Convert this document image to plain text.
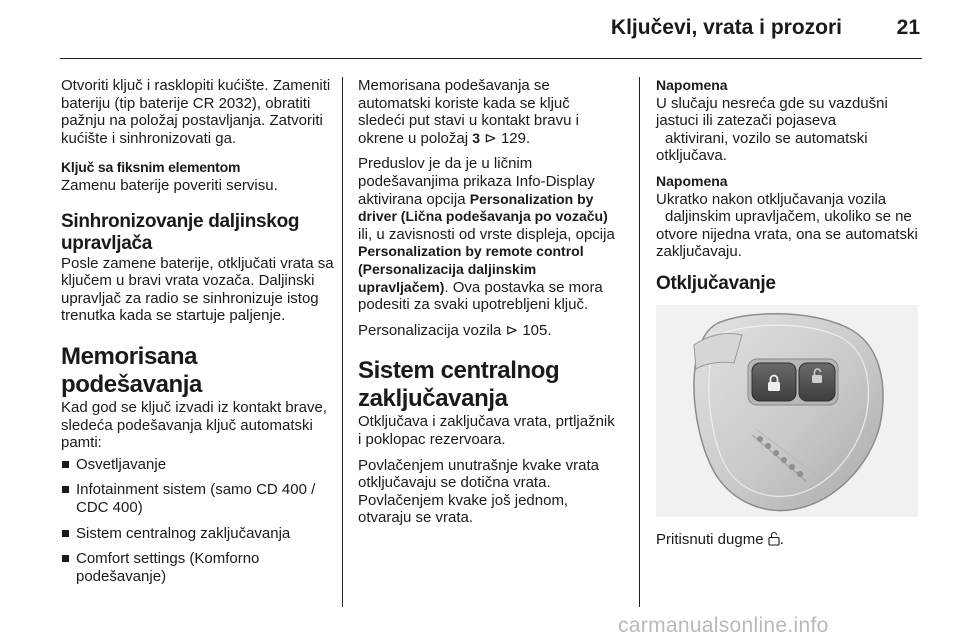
Ključevi, vrata i prozori	21

Otvoriti ključ i rasklopiti kućište. Zameniti bateriju (tip baterije CR 2032), obratiti pažnju na položaj postavljanja. Zatvoriti kućište i sinhronizovati ga.

Ključ sa fiksnim elementom

Zamenu baterije poveriti servisu.

Sinhronizovanje daljinskog upravljača

Posle zamene baterije, otključati vrata sa ključem u bravi vrata vozača. Daljinski upravljač za radio se sinhronizuje istog trenutka kada se startuje paljenje.

Memorisana podešavanja

Kad god se ključ izvadi iz kontakt brave, sledeća podešavanja ključ automatski pamti:

Osvetljavanje
Infotainment sistem (samo CD 400 / CDC 400)
Sistem centralnog zaključavanja
Comfort settings (Komforno podešavanje)

Memorisana podešavanja se automatski koriste kada se ključ sledeći put stavi u kontakt bravu i okrene u položaj 3 ⊳ 129.

Preduslov je da je u ličnim podešavanjima prikaza Info-Display aktivirana opcija Personalization by driver (Lična podešavanja po vozaču) ili, u zavisnosti od vrste displeja, opcija Personalization by remote control (Personalizacija daljinskim upravljačem). Ova postavka se mora podesiti za svaki upotrebljeni ključ.

Personalizacija vozila ⊳ 105.

Sistem centralnog zaključavanja

Otključava i zaključava vrata, prtljažnik i poklopac rezervoara.

Povlačenjem unutrašnje kvake vrata otključavaju se dotična vrata. Povlačenjem kvake još jednom, otvaraju se vrata.

Napomena

U slučaju nesreća gde su vazdušni jastuci ili zatezači pojaseva
aktivirani, vozilo se automatski otključava.

Napomena

Ukratko nakon otključavanja vozila
daljinskim upravljačem, ukoliko se ne otvore nijedna vrata, ona se automatski zaključavaju.

Otključavanje

Pritisnuti dugme .

carmanualsonline.info
